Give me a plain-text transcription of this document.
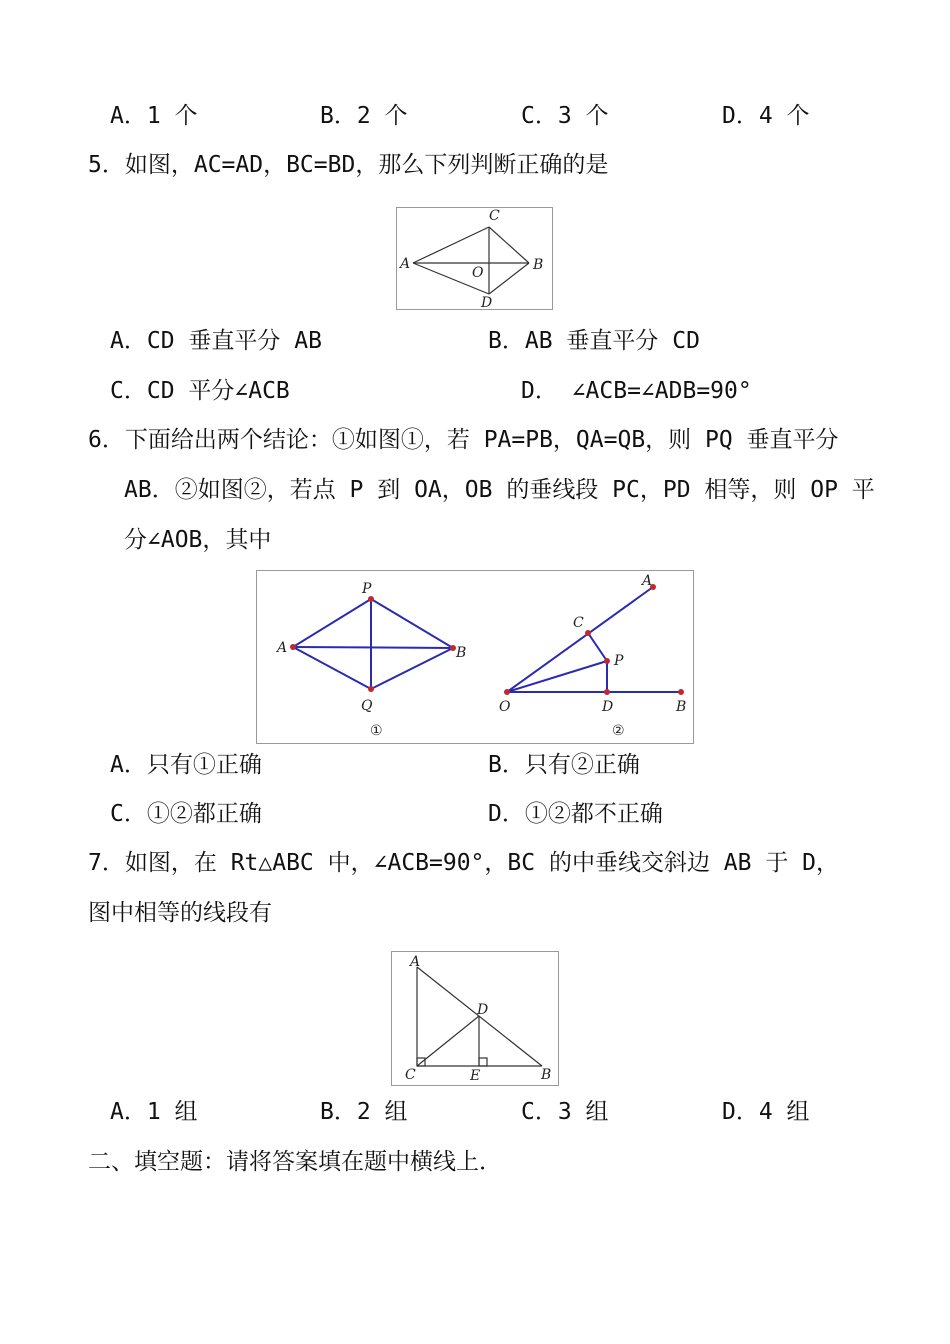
A．1 个	B．2 个	C．3 个	D．4 个
5．如图，AC=AD，BC=BD，那么下列判断正确的是
A	B
C
D
O
A．CD 垂直平分 AB	B．AB 垂直平分 CD
C．CD 平分∠ACB	D． ∠ACB=∠ADB=90°
6．下面给出两个结论：①如图①，若 PA=PB，QA=QB，则 PQ 垂直平分
AB．②如图②，若点 P 到 OA，OB 的垂线段 PC，PD 相等，则 OP 平
分∠AOB，其中
A	B
P
Q
①
A
B
C
D
O
P
②
A．只有①正确	B．只有②正确
C．①②都正确	D．①②都不正确
7．如图，在 Rt△ABC 中，∠ACB=90°，BC 的中垂线交斜边 AB 于 D，
图中相等的线段有
A
B
C
D
E
A．1 组	B．2 组	C．3 组	D．4 组
二、填空题：请将答案填在题中横线上．
